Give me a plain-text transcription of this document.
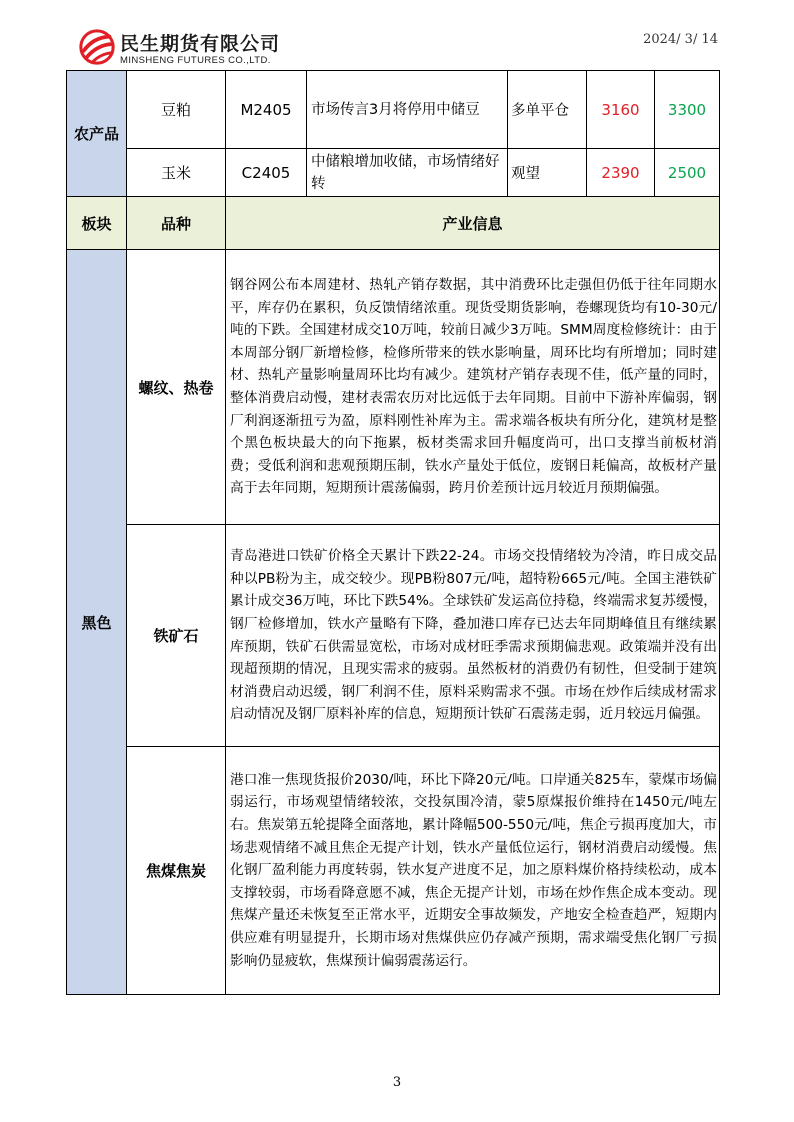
民生期货有限公司
MINSHENG FUTURES CO.,LTD.
2024/ 3/ 14
农产品	豆粕	M2405	市场传言3月将停用中储豆	多单平仓	3160	3300
	玉米	C2405	中储粮增加收储，市场情绪好转	观望	2390	2500
板块	品种	产业信息				
黑色	螺纹、热卷	钢谷网公布本周建材、热轧产销存数据，其中消费环比走强但仍低于往年同期水平，库存仍在累积，负反馈情绪浓重。现货受期货影响，卷螺现货均有10-30元/吨的下跌。全国建材成交10万吨，较前日减少3万吨。SMM周度检修统计：由于本周部分钢厂新增检修，检修所带来的铁水影响量，周环比均有所增加；同时建材、热轧产量影响量周环比均有减少。建筑材产销存表现不佳，低产量的同时，整体消费启动慢，建材表需农历对比远低于去年同期。目前中下游补库偏弱，钢厂利润逐渐扭亏为盈，原料刚性补库为主。需求端各板块有所分化，建筑材是整个黑色板块最大的向下拖累，板材类需求回升幅度尚可，出口支撑当前板材消费；受低利润和悲观预期压制，铁水产量处于低位，废钢日耗偏高，故板材产量高于去年同期，短期预计震荡偏弱，跨月价差预计远月较近月预期偏强。				
	铁矿石	青岛港进口铁矿价格全天累计下跌22-24。市场交投情绪较为冷清，昨日成交品种以PB粉为主，成交较少。现PB粉807元/吨，超特粉665元/吨。全国主港铁矿累计成交36万吨，环比下跌54%。全球铁矿发运高位持稳，终端需求复苏缓慢，钢厂检修增加，铁水产量略有下降，叠加港口库存已达去年同期峰值且有继续累库预期，铁矿石供需显宽松，市场对成材旺季需求预期偏悲观。政策端并没有出现超预期的情况，且现实需求的疲弱。虽然板材的消费仍有韧性，但受制于建筑材消费启动迟缓，钢厂利润不佳，原料采购需求不强。市场在炒作后续成材需求启动情况及钢厂原料补库的信息，短期预计铁矿石震荡走弱，近月较远月偏强。				
	焦煤焦炭	港口准一焦现货报价2030/吨，环比下降20元/吨。口岸通关825车，蒙煤市场偏弱运行，市场观望情绪较浓，交投氛围冷清，蒙5原煤报价维持在1450元/吨左右。焦炭第五轮提降全面落地，累计降幅500-550元/吨，焦企亏损再度加大，市场悲观情绪不减且焦企无提产计划，铁水产量低位运行，钢材消费启动缓慢。焦化钢厂盈利能力再度转弱，铁水复产进度不足，加之原料煤价格持续松动，成本支撑较弱，市场看降意愿不减，焦企无提产计划，市场在炒作焦企成本变动。现焦煤产量还未恢复至正常水平，近期安全事故频发，产地安全检查趋严，短期内供应难有明显提升，长期市场对焦煤供应仍存减产预期，需求端受焦化钢厂亏损影响仍显疲软，焦煤预计偏弱震荡运行。				
3
